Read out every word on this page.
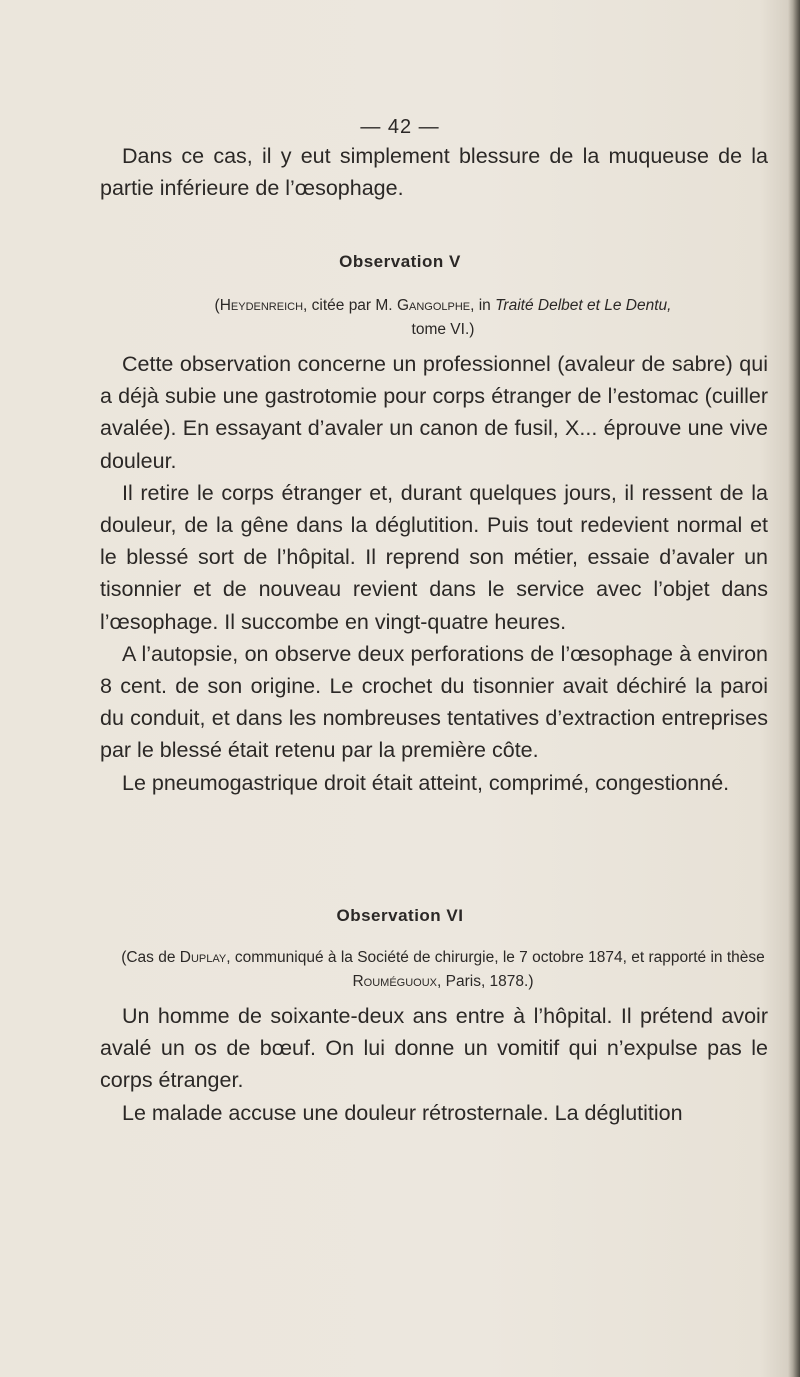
— 42 —

Dans ce cas, il y eut simplement blessure de la muqueuse de la partie inférieure de l’œsophage.

Observation V
(Heydenreich, citée par M. Gangolphe, in Traité Delbet et Le Dentu,
tome VI.)

Cette observation concerne un professionnel (avaleur de sabre) qui a déjà subie une gastrotomie pour corps étranger de l’estomac (cuiller avalée). En essayant d’avaler un canon de fusil, X... éprouve une vive douleur.

Il retire le corps étranger et, durant quelques jours, il ressent de la douleur, de la gêne dans la déglutition. Puis tout redevient normal et le blessé sort de l’hôpital. Il reprend son métier, essaie d’avaler un tisonnier et de nouveau revient dans le service avec l’objet dans l’œsophage. Il succombe en vingt-quatre heures.

A l’autopsie, on observe deux perforations de l’œsophage à environ 8 cent. de son origine. Le crochet du tisonnier avait déchiré la paroi du conduit, et dans les nombreuses tentatives d’extraction entreprises par le blessé était retenu par la première côte.

Le pneumogastrique droit était atteint, comprimé, congestionné.

Observation VI
(Cas de Duplay, communiqué à la Société de chirurgie, le 7 octobre 1874, et rapporté in thèse Rouméguoux, Paris, 1878.)

Un homme de soixante-deux ans entre à l’hôpital. Il prétend avoir avalé un os de bœuf. On lui donne un vomitif qui n’expulse pas le corps étranger.

Le malade accuse une douleur rétrosternale. La déglutition
